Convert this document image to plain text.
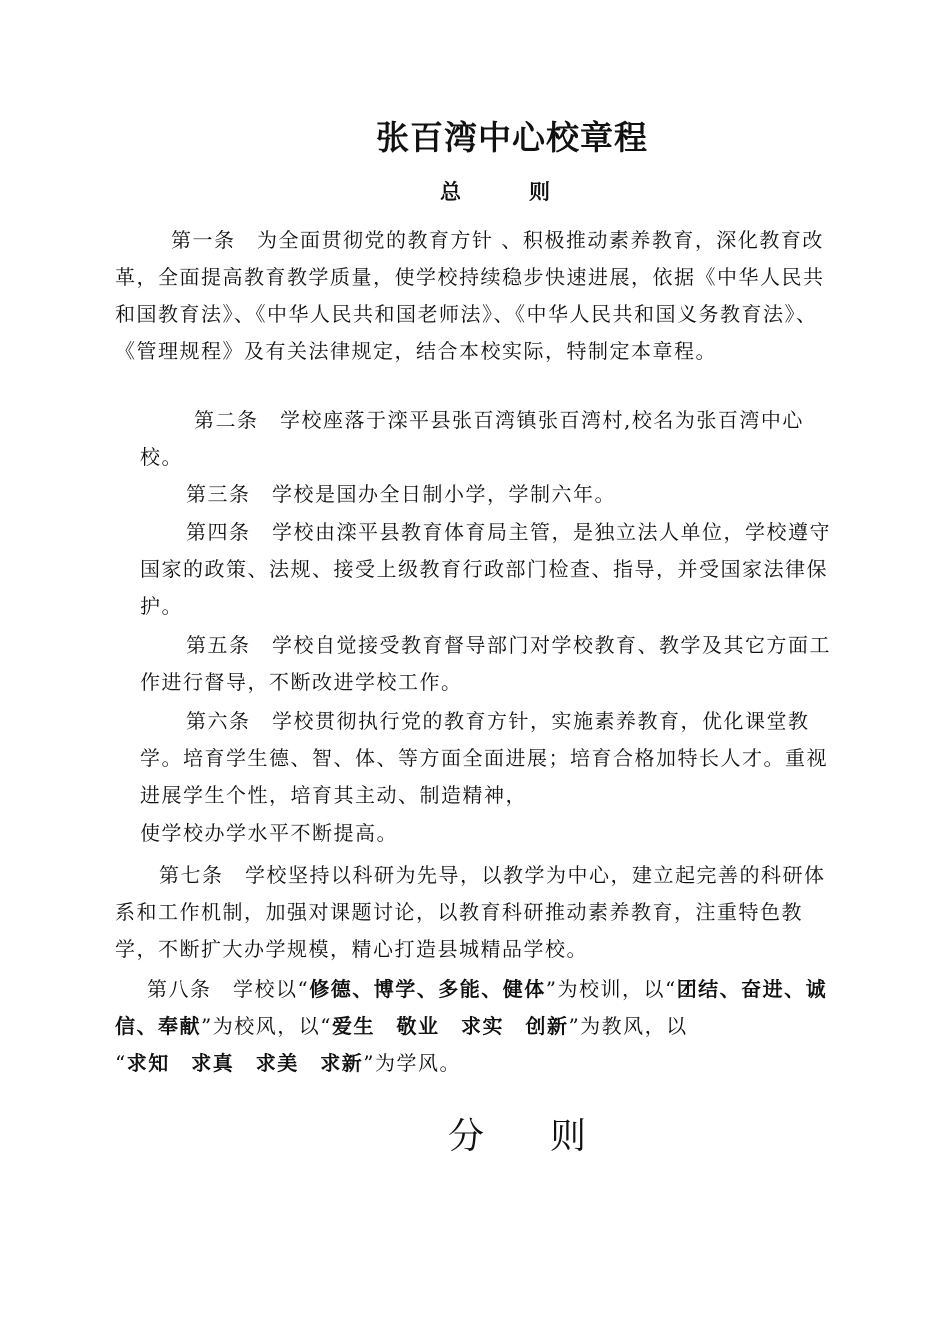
张百湾中心校章程
总	则

第一条　 为全面贯彻党的教育方针 、积极推动素养教育，深化教育改革，全面提高教育教学质量，使学校持续稳步快速进展，依据《中华人民共和国教育法》、《中华人民共和国老师法》、《中华人民共和国义务教育法》、《管理规程》及有关法律规定，结合本校实际，特制定本章程。

第二条　 学校座落于滦平县张百湾镇张百湾村,校名为张百湾中心校。

第三条　 学校是国办全日制小学，学制六年。

第四条　 学校由滦平县教育体育局主管，是独立法人单位，学校遵守国家的政策、法规、接受上级教育行政部门检查、指导，并受国家法律保护。

第五条　 学校自觉接受教育督导部门对学校教育、教学及其它方面工作进行督导，不断改进学校工作。

第六条　 学校贯彻执行党的教育方针，实施素养教育，优化课堂教学。培育学生德、智、体、等方面全面进展；培育合格加特长人才。重视进展学生个性，培育其主动、制造精神，

使学校办学水平不断提高。

第七条　 学校坚持以科研为先导，以教学为中心，建立起完善的科研体系和工作机制，加强对课题讨论，以教育科研推动素养教育，注重特色教学，不断扩大办学规模，精心打造县城精品学校。

第八条　 学校以“修德、博学、多能、健体”为校训，以“团结、奋进、诚信、奉献”为校风，以“爱生　敬业　求实　创新”为教风，以
“求知　求真　求美　求新”为学风。

分 则
